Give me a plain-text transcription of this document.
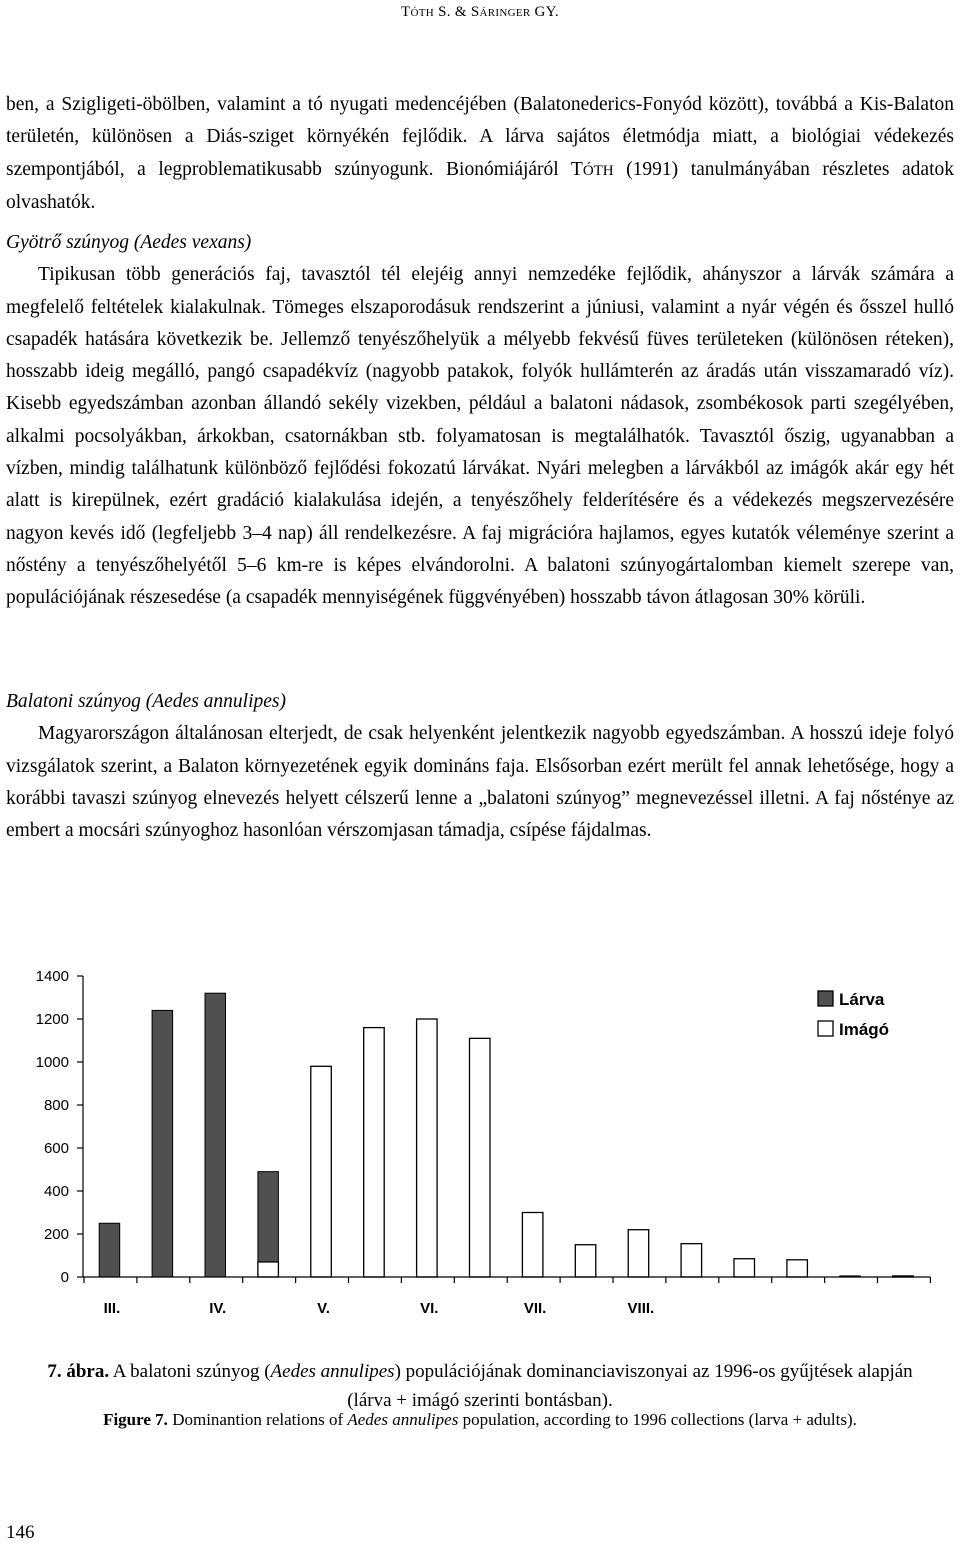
TÓTH S. & SÁRINGER GY.

ben, a Szigligeti-öbölben, valamint a tó nyugati medencéjében (Balatonederics-Fonyód között), továbbá a Kis-Balaton területén, különösen a Diás-sziget környékén fejlődik. A lárva sajátos életmódja miatt, a biológiai védekezés szempontjából, a legproblematikusabb szúnyogunk. Bionómiájáról TÓTH (1991) tanulmányában részletes adatok olvashatók.

Gyötrő szúnyog (Aedes vexans)

Tipikusan több generációs faj, tavasztól tél elejéig annyi nemzedéke fejlődik, ahányszor a lárvák számára a megfelelő feltételek kialakulnak. Tömeges elszaporodásuk rendszerint a júniusi, valamint a nyár végén és ősszel hulló csapadék hatására következik be. Jellemző tenyészőhelyük a mélyebb fekvésű füves területeken (különösen réteken), hosszabb ideig megálló, pangó csapadékvíz (nagyobb patakok, folyók hullámterén az áradás után visszamaradó víz). Kisebb egyedszámban azonban állandó sekély vizekben, például a balatoni nádasok, zsombékosok parti szegélyében, alkalmi pocsolyákban, árkokban, csatornákban stb. folyamatosan is megtalálhatók. Tavasztól őszig, ugyanabban a vízben, mindig találhatunk különböző fejlődési fokozatú lárvákat. Nyári melegben a lárvákból az imágók akár egy hét alatt is kirepülnek, ezért gradáció kialakulása idején, a tenyészőhely felderítésére és a védekezés megszervezésére nagyon kevés idő (legfeljebb 3–4 nap) áll rendelkezésre. A faj migrációra hajlamos, egyes kutatók véleménye szerint a nőstény a tenyészőhelyétől 5–6 km-re is képes elvándorolni. A balatoni szúnyogártalomban kiemelt szerepe van, populációjának részesedése (a csapadék mennyiségének függvényében) hosszabb távon átlagosan 30% körüli.

Balatoni szúnyog (Aedes annulipes)

Magyarországon általánosan elterjedt, de csak helyenként jelentkezik nagyobb egyedszámban. A hosszú ideje folyó vizsgálatok szerint, a Balaton környezetének egyik domináns faja. Elsősorban ezért merült fel annak lehetősége, hogy a korábbi tavaszi szúnyog elnevezés helyett célszerű lenne a „balatoni szúnyog” megnevezéssel illetni. A faj nősténye az embert a mocsári szúnyoghoz hasonlóan vérszomjasan támadja, csípése fájdalmas.

0
200
400
600
800
1000
1200
1400
III.	IV.	V.	VI.	VII.	VIII.
Lárva
Imágó
7. ábra. A balatoni szúnyog (Aedes annulipes) populációjának dominanciaviszonyai az 1996-os gyűjtések alapján (lárva + imágó szerinti bontásban).
Figure 7. Dominantion relations of Aedes annulipes population, according to 1996 collections (larva + adults).
146
